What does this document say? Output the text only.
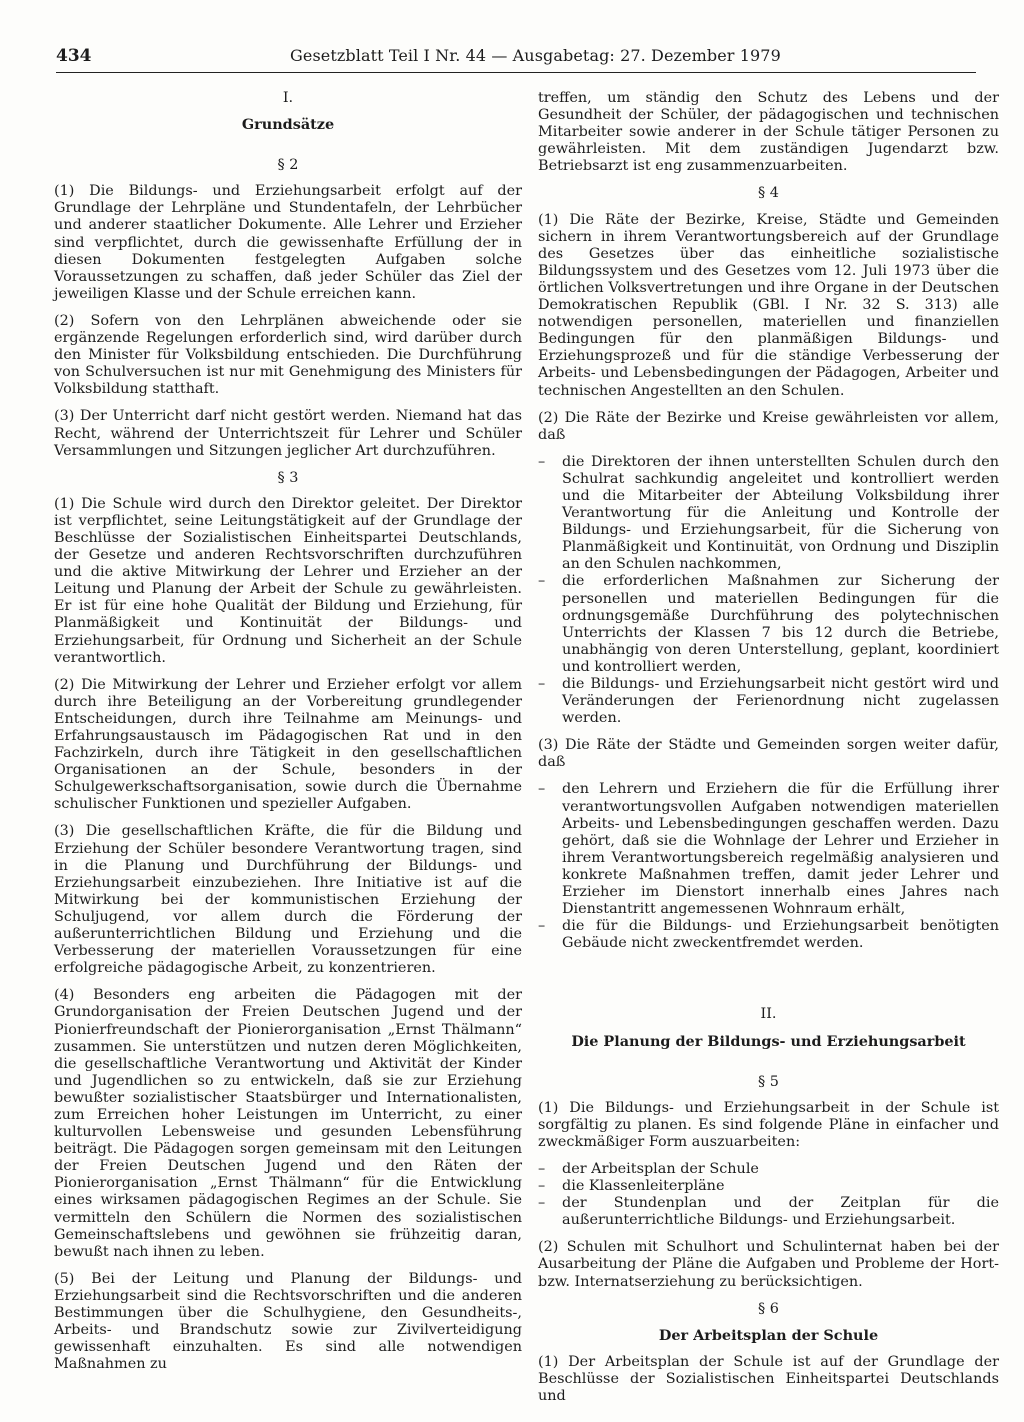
434	Gesetzblatt Teil I Nr. 44 — Ausgabetag: 27. Dezember 1979
I.
Grundsätze
§ 2

(1) Die Bildungs- und Erziehungsarbeit erfolgt auf der Grundlage der Lehrpläne und Stundentafeln, der Lehrbücher und anderer staatlicher Dokumente. Alle Lehrer und Erzieher sind verpflichtet, durch die gewissenhafte Erfüllung der in diesen Dokumenten festgelegten Aufgaben solche Voraussetzungen zu schaffen, daß jeder Schüler das Ziel der jeweiligen Klasse und der Schule erreichen kann.

(2) Sofern von den Lehrplänen abweichende oder sie ergänzende Regelungen erforderlich sind, wird darüber durch den Minister für Volksbildung entschieden. Die Durchführung von Schulversuchen ist nur mit Genehmigung des Ministers für Volksbildung statthaft.

(3) Der Unterricht darf nicht gestört werden. Niemand hat das Recht, während der Unterrichtszeit für Lehrer und Schüler Versammlungen und Sitzungen jeglicher Art durchzuführen.

§ 3

(1) Die Schule wird durch den Direktor geleitet. Der Direktor ist verpflichtet, seine Leitungstätigkeit auf der Grundlage der Beschlüsse der Sozialistischen Einheitspartei Deutschlands, der Gesetze und anderen Rechtsvorschriften durchzuführen und die aktive Mitwirkung der Lehrer und Erzieher an der Leitung und Planung der Arbeit der Schule zu gewährleisten. Er ist für eine hohe Qualität der Bildung und Erziehung, für Planmäßigkeit und Kontinuität der Bildungs- und Erziehungsarbeit, für Ordnung und Sicherheit an der Schule verantwortlich.

(2) Die Mitwirkung der Lehrer und Erzieher erfolgt vor allem durch ihre Beteiligung an der Vorbereitung grundlegender Entscheidungen, durch ihre Teilnahme am Meinungs- und Erfahrungsaustausch im Pädagogischen Rat und in den Fachzirkeln, durch ihre Tätigkeit in den gesellschaftlichen Organisationen an der Schule, besonders in der Schulgewerkschaftsorganisation, sowie durch die Übernahme schulischer Funktionen und spezieller Aufgaben.

(3) Die gesellschaftlichen Kräfte, die für die Bildung und Erziehung der Schüler besondere Verantwortung tragen, sind in die Planung und Durchführung der Bildungs- und Erziehungsarbeit einzubeziehen. Ihre Initiative ist auf die Mitwirkung bei der kommunistischen Erziehung der Schuljugend, vor allem durch die Förderung der außerunterrichtlichen Bildung und Erziehung und die Verbesserung der materiellen Voraussetzungen für eine erfolgreiche pädagogische Arbeit, zu konzentrieren.

(4) Besonders eng arbeiten die Pädagogen mit der Grundorganisation der Freien Deutschen Jugend und der Pionierfreundschaft der Pionierorganisation „Ernst Thälmann“ zusammen. Sie unterstützen und nutzen deren Möglichkeiten, die gesellschaftliche Verantwortung und Aktivität der Kinder und Jugendlichen so zu entwickeln, daß sie zur Erziehung bewußter sozialistischer Staatsbürger und Internationalisten, zum Erreichen hoher Leistungen im Unterricht, zu einer kulturvollen Lebensweise und gesunden Lebensführung beiträgt. Die Pädagogen sorgen gemeinsam mit den Leitungen der Freien Deutschen Jugend und den Räten der Pionierorganisation „Ernst Thälmann“ für die Entwicklung eines wirksamen pädagogischen Regimes an der Schule. Sie vermitteln den Schülern die Normen des sozialistischen Gemeinschaftslebens und gewöhnen sie frühzeitig daran, bewußt nach ihnen zu leben.

(5) Bei der Leitung und Planung der Bildungs- und Erziehungsarbeit sind die Rechtsvorschriften und die anderen Bestimmungen über die Schulhygiene, den Gesundheits-, Arbeits- und Brandschutz sowie zur Zivilverteidigung gewissenhaft einzuhalten. Es sind alle notwendigen Maßnahmen zu

treffen, um ständig den Schutz des Lebens und der Gesundheit der Schüler, der pädagogischen und technischen Mitarbeiter sowie anderer in der Schule tätiger Personen zu gewährleisten. Mit dem zuständigen Jugendarzt bzw. Betriebsarzt ist eng zusammenzuarbeiten.

§ 4

(1) Die Räte der Bezirke, Kreise, Städte und Gemeinden sichern in ihrem Verantwortungsbereich auf der Grundlage des Gesetzes über das einheitliche sozialistische Bildungssystem und des Gesetzes vom 12. Juli 1973 über die örtlichen Volksvertretungen und ihre Organe in der Deutschen Demokratischen Republik (GBl. I Nr. 32 S. 313) alle notwendigen personellen, materiellen und finanziellen Bedingungen für den planmäßigen Bildungs- und Erziehungsprozeß und für die ständige Verbesserung der Arbeits- und Lebensbedingungen der Pädagogen, Arbeiter und technischen Angestellten an den Schulen.

(2) Die Räte der Bezirke und Kreise gewährleisten vor allem, daß

– die Direktoren der ihnen unterstellten Schulen durch den Schulrat sachkundig angeleitet und kontrolliert werden und die Mitarbeiter der Abteilung Volksbildung ihrer Verantwortung für die Anleitung und Kontrolle der Bildungs- und Erziehungsarbeit, für die Sicherung von Planmäßigkeit und Kontinuität, von Ordnung und Disziplin an den Schulen nachkommen,
– die erforderlichen Maßnahmen zur Sicherung der personellen und materiellen Bedingungen für die ordnungsgemäße Durchführung des polytechnischen Unterrichts der Klassen 7 bis 12 durch die Betriebe, unabhängig von deren Unterstellung, geplant, koordiniert und kontrolliert werden,
– die Bildungs- und Erziehungsarbeit nicht gestört wird und Veränderungen der Ferienordnung nicht zugelassen werden.

(3) Die Räte der Städte und Gemeinden sorgen weiter dafür, daß

– den Lehrern und Erziehern die für die Erfüllung ihrer verantwortungsvollen Aufgaben notwendigen materiellen Arbeits- und Lebensbedingungen geschaffen werden. Dazu gehört, daß sie die Wohnlage der Lehrer und Erzieher in ihrem Verantwortungsbereich regelmäßig analysieren und konkrete Maßnahmen treffen, damit jeder Lehrer und Erzieher im Dienstort innerhalb eines Jahres nach Dienstantritt angemessenen Wohnraum erhält,
– die für die Bildungs- und Erziehungsarbeit benötigten Gebäude nicht zweckentfremdet werden.
II.
Die Planung der Bildungs- und Erziehungsarbeit
§ 5

(1) Die Bildungs- und Erziehungsarbeit in der Schule ist sorgfältig zu planen. Es sind folgende Pläne in einfacher und zweckmäßiger Form auszuarbeiten:

– der Arbeitsplan der Schule
– die Klassenleiterpläne
– der Stundenplan und der Zeitplan für die außerunterrichtliche Bildungs- und Erziehungsarbeit.

(2) Schulen mit Schulhort und Schulinternat haben bei der Ausarbeitung der Pläne die Aufgaben und Probleme der Hort- bzw. Internatserziehung zu berücksichtigen.

§ 6
Der Arbeitsplan der Schule

(1) Der Arbeitsplan der Schule ist auf der Grundlage der Beschlüsse der Sozialistischen Einheitspartei Deutschlands und
